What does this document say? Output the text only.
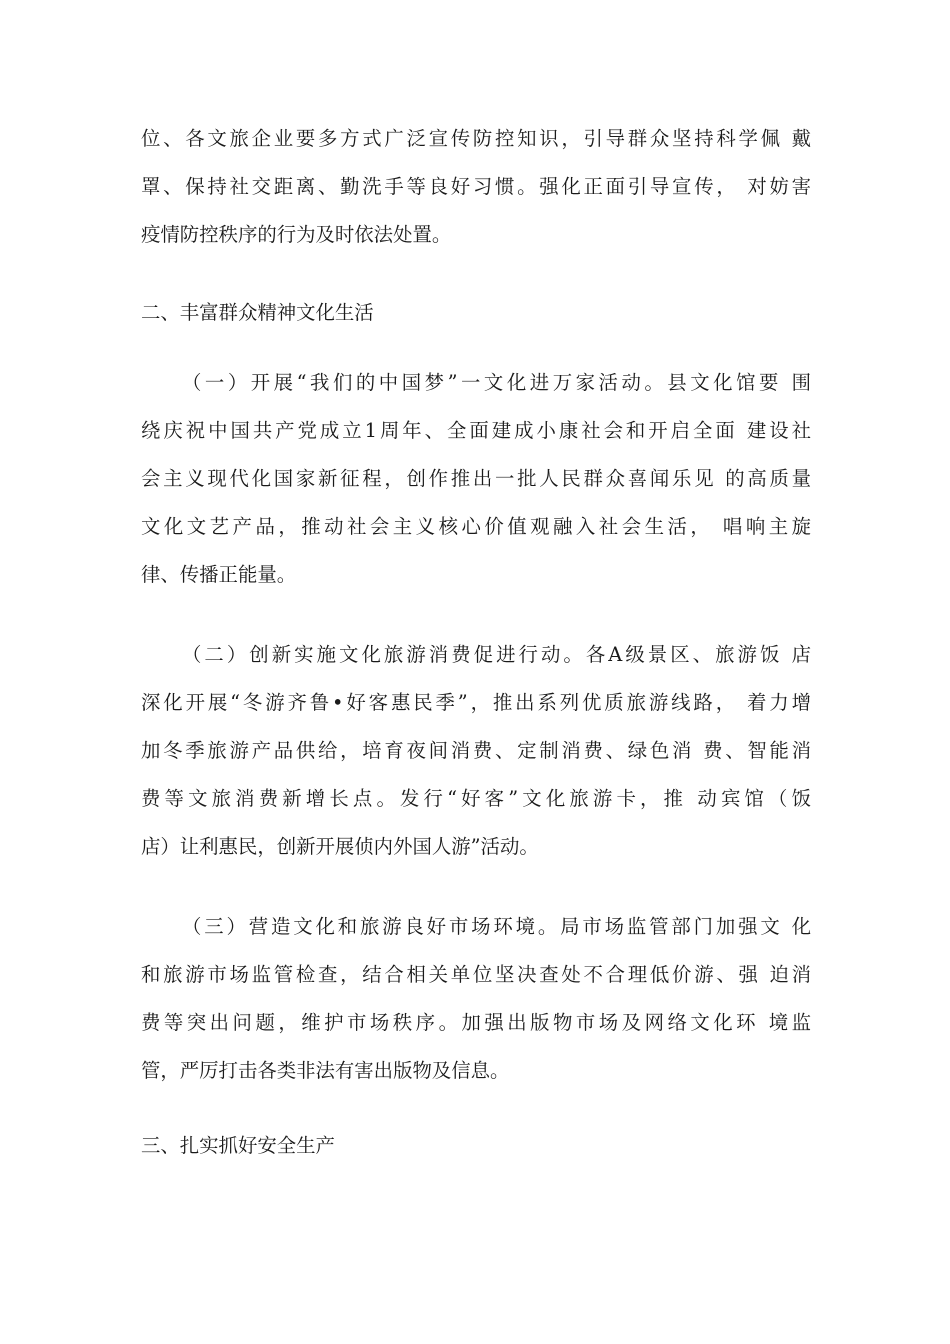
位、各文旅企业要多方式广泛宣传防控知识，引导群众坚持科学佩 戴
罩、保持社交距离、勤洗手等良好习惯。强化正面引导宣传， 对妨害
疫情防控秩序的行为及时依法处置。
二、丰富群众精神文化生活
（一）开展“我们的中国梦”一文化进万家活动。县文化馆要 围
绕庆祝中国共产党成立1周年、全面建成小康社会和开启全面 建设社
会主义现代化国家新征程，创作推出一批人民群众喜闻乐见 的高质量
文化文艺产品，推动社会主义核心价值观融入社会生活， 唱响主旋
律、传播正能量。
（二）创新实施文化旅游消费促进行动。各A级景区、旅游饭 店
深化开展“冬游齐鲁•好客惠民季”，推出系列优质旅游线路， 着力增
加冬季旅游产品供给，培育夜间消费、定制消费、绿色消 费、智能消
费等文旅消费新增长点。发行“好客”文化旅游卡，推 动宾馆（饭
店）让利惠民，创新开展侦内外国人游”活动。
（三）营造文化和旅游良好市场环境。局市场监管部门加强文 化
和旅游市场监管检查，结合相关单位坚决查处不合理低价游、强 迫消
费等突出问题，维护市场秩序。加强出版物市场及网络文化环 境监
管，严厉打击各类非法有害出版物及信息。
三、扎实抓好安全生产
